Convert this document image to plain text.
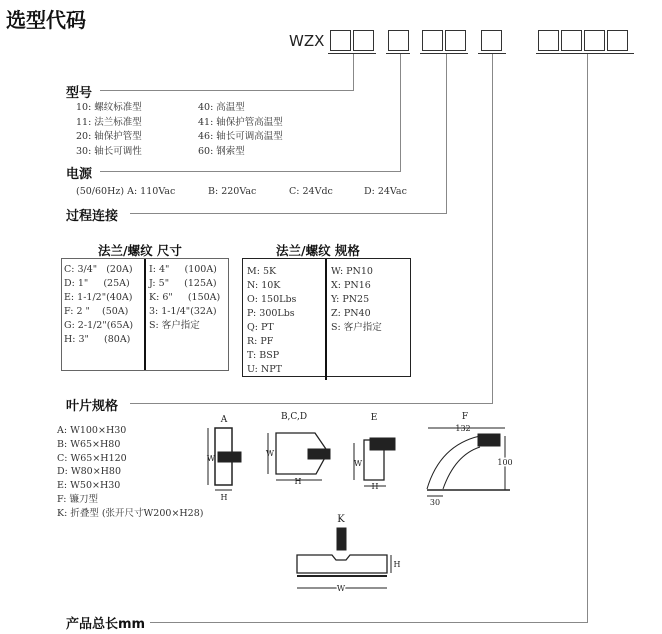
选型代码
WZX
型号
10: 螺纹标准型	40: 高温型
11: 法兰标准型	41: 轴保护管高温型
20: 轴保护管型	46: 轴长可调高温型
30: 轴长可调性	60: 钢索型
电源
(50/60Hz) A: 110Vac	B: 220Vac	C: 24Vdc	D: 24Vac
过程连接
法兰/螺纹 尺寸
C: 3/4"   (20A)
D: 1"     (25A)
E: 1-1/2"(40A)
F: 2 "    (50A)
G: 2-1/2"(65A)
H: 3"     (80A)
I: 4"     (100A)
J: 5"     (125A)
K: 6"     (150A)
3: 1-1/4"(32A)
S: 客户指定
法兰/螺纹 规格
M: 5K
N: 10K
O: 150Lbs
P: 300Lbs
Q: PT
R: PF
T: BSP
U: NPT
W: PN10
X: PN16
Y: PN25
Z: PN40
S: 客户指定
叶片规格
A: W100×H30
B: W65×H80
C: W65×H120
D: W80×H80
E: W50×H30
F: 镰刀型
K: 折叠型 (张开尺寸W200×H28)
A
W
H
B,C,D
W
H
E
W
H
F
132
100
30
K
W
H
产品总长mm
